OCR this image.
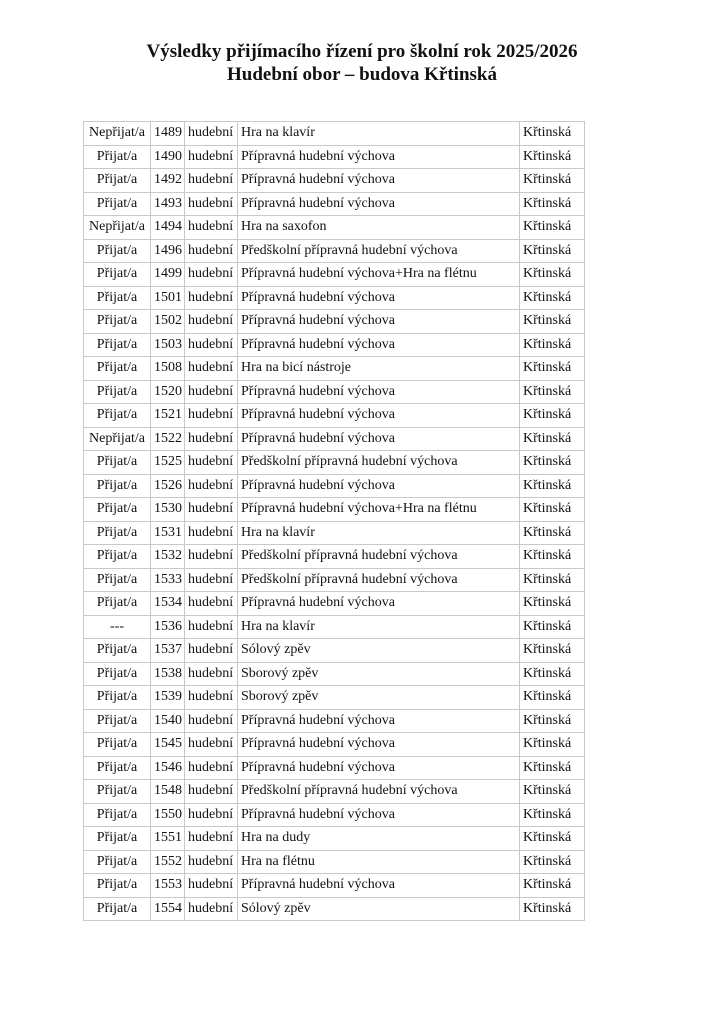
Výsledky přijímacího řízení pro školní rok 2025/2026
Hudební obor – budova Křtinská
Nepřijat/a	1489	hudební	Hra na klavír	Křtinská
Přijat/a	1490	hudební	Přípravná hudební výchova	Křtinská
Přijat/a	1492	hudební	Přípravná hudební výchova	Křtinská
Přijat/a	1493	hudební	Přípravná hudební výchova	Křtinská
Nepřijat/a	1494	hudební	Hra na saxofon	Křtinská
Přijat/a	1496	hudební	Předškolní přípravná hudební výchova	Křtinská
Přijat/a	1499	hudební	Přípravná hudební výchova+Hra na flétnu	Křtinská
Přijat/a	1501	hudební	Přípravná hudební výchova	Křtinská
Přijat/a	1502	hudební	Přípravná hudební výchova	Křtinská
Přijat/a	1503	hudební	Přípravná hudební výchova	Křtinská
Přijat/a	1508	hudební	Hra na bicí nástroje	Křtinská
Přijat/a	1520	hudební	Přípravná hudební výchova	Křtinská
Přijat/a	1521	hudební	Přípravná hudební výchova	Křtinská
Nepřijat/a	1522	hudební	Přípravná hudební výchova	Křtinská
Přijat/a	1525	hudební	Předškolní přípravná hudební výchova	Křtinská
Přijat/a	1526	hudební	Přípravná hudební výchova	Křtinská
Přijat/a	1530	hudební	Přípravná hudební výchova+Hra na flétnu	Křtinská
Přijat/a	1531	hudební	Hra na klavír	Křtinská
Přijat/a	1532	hudební	Předškolní přípravná hudební výchova	Křtinská
Přijat/a	1533	hudební	Předškolní přípravná hudební výchova	Křtinská
Přijat/a	1534	hudební	Přípravná hudební výchova	Křtinská
---	1536	hudební	Hra na klavír	Křtinská
Přijat/a	1537	hudební	Sólový zpěv	Křtinská
Přijat/a	1538	hudební	Sborový zpěv	Křtinská
Přijat/a	1539	hudební	Sborový zpěv	Křtinská
Přijat/a	1540	hudební	Přípravná hudební výchova	Křtinská
Přijat/a	1545	hudební	Přípravná hudební výchova	Křtinská
Přijat/a	1546	hudební	Přípravná hudební výchova	Křtinská
Přijat/a	1548	hudební	Předškolní přípravná hudební výchova	Křtinská
Přijat/a	1550	hudební	Přípravná hudební výchova	Křtinská
Přijat/a	1551	hudební	Hra na dudy	Křtinská
Přijat/a	1552	hudební	Hra na flétnu	Křtinská
Přijat/a	1553	hudební	Přípravná hudební výchova	Křtinská
Přijat/a	1554	hudební	Sólový zpěv	Křtinská
